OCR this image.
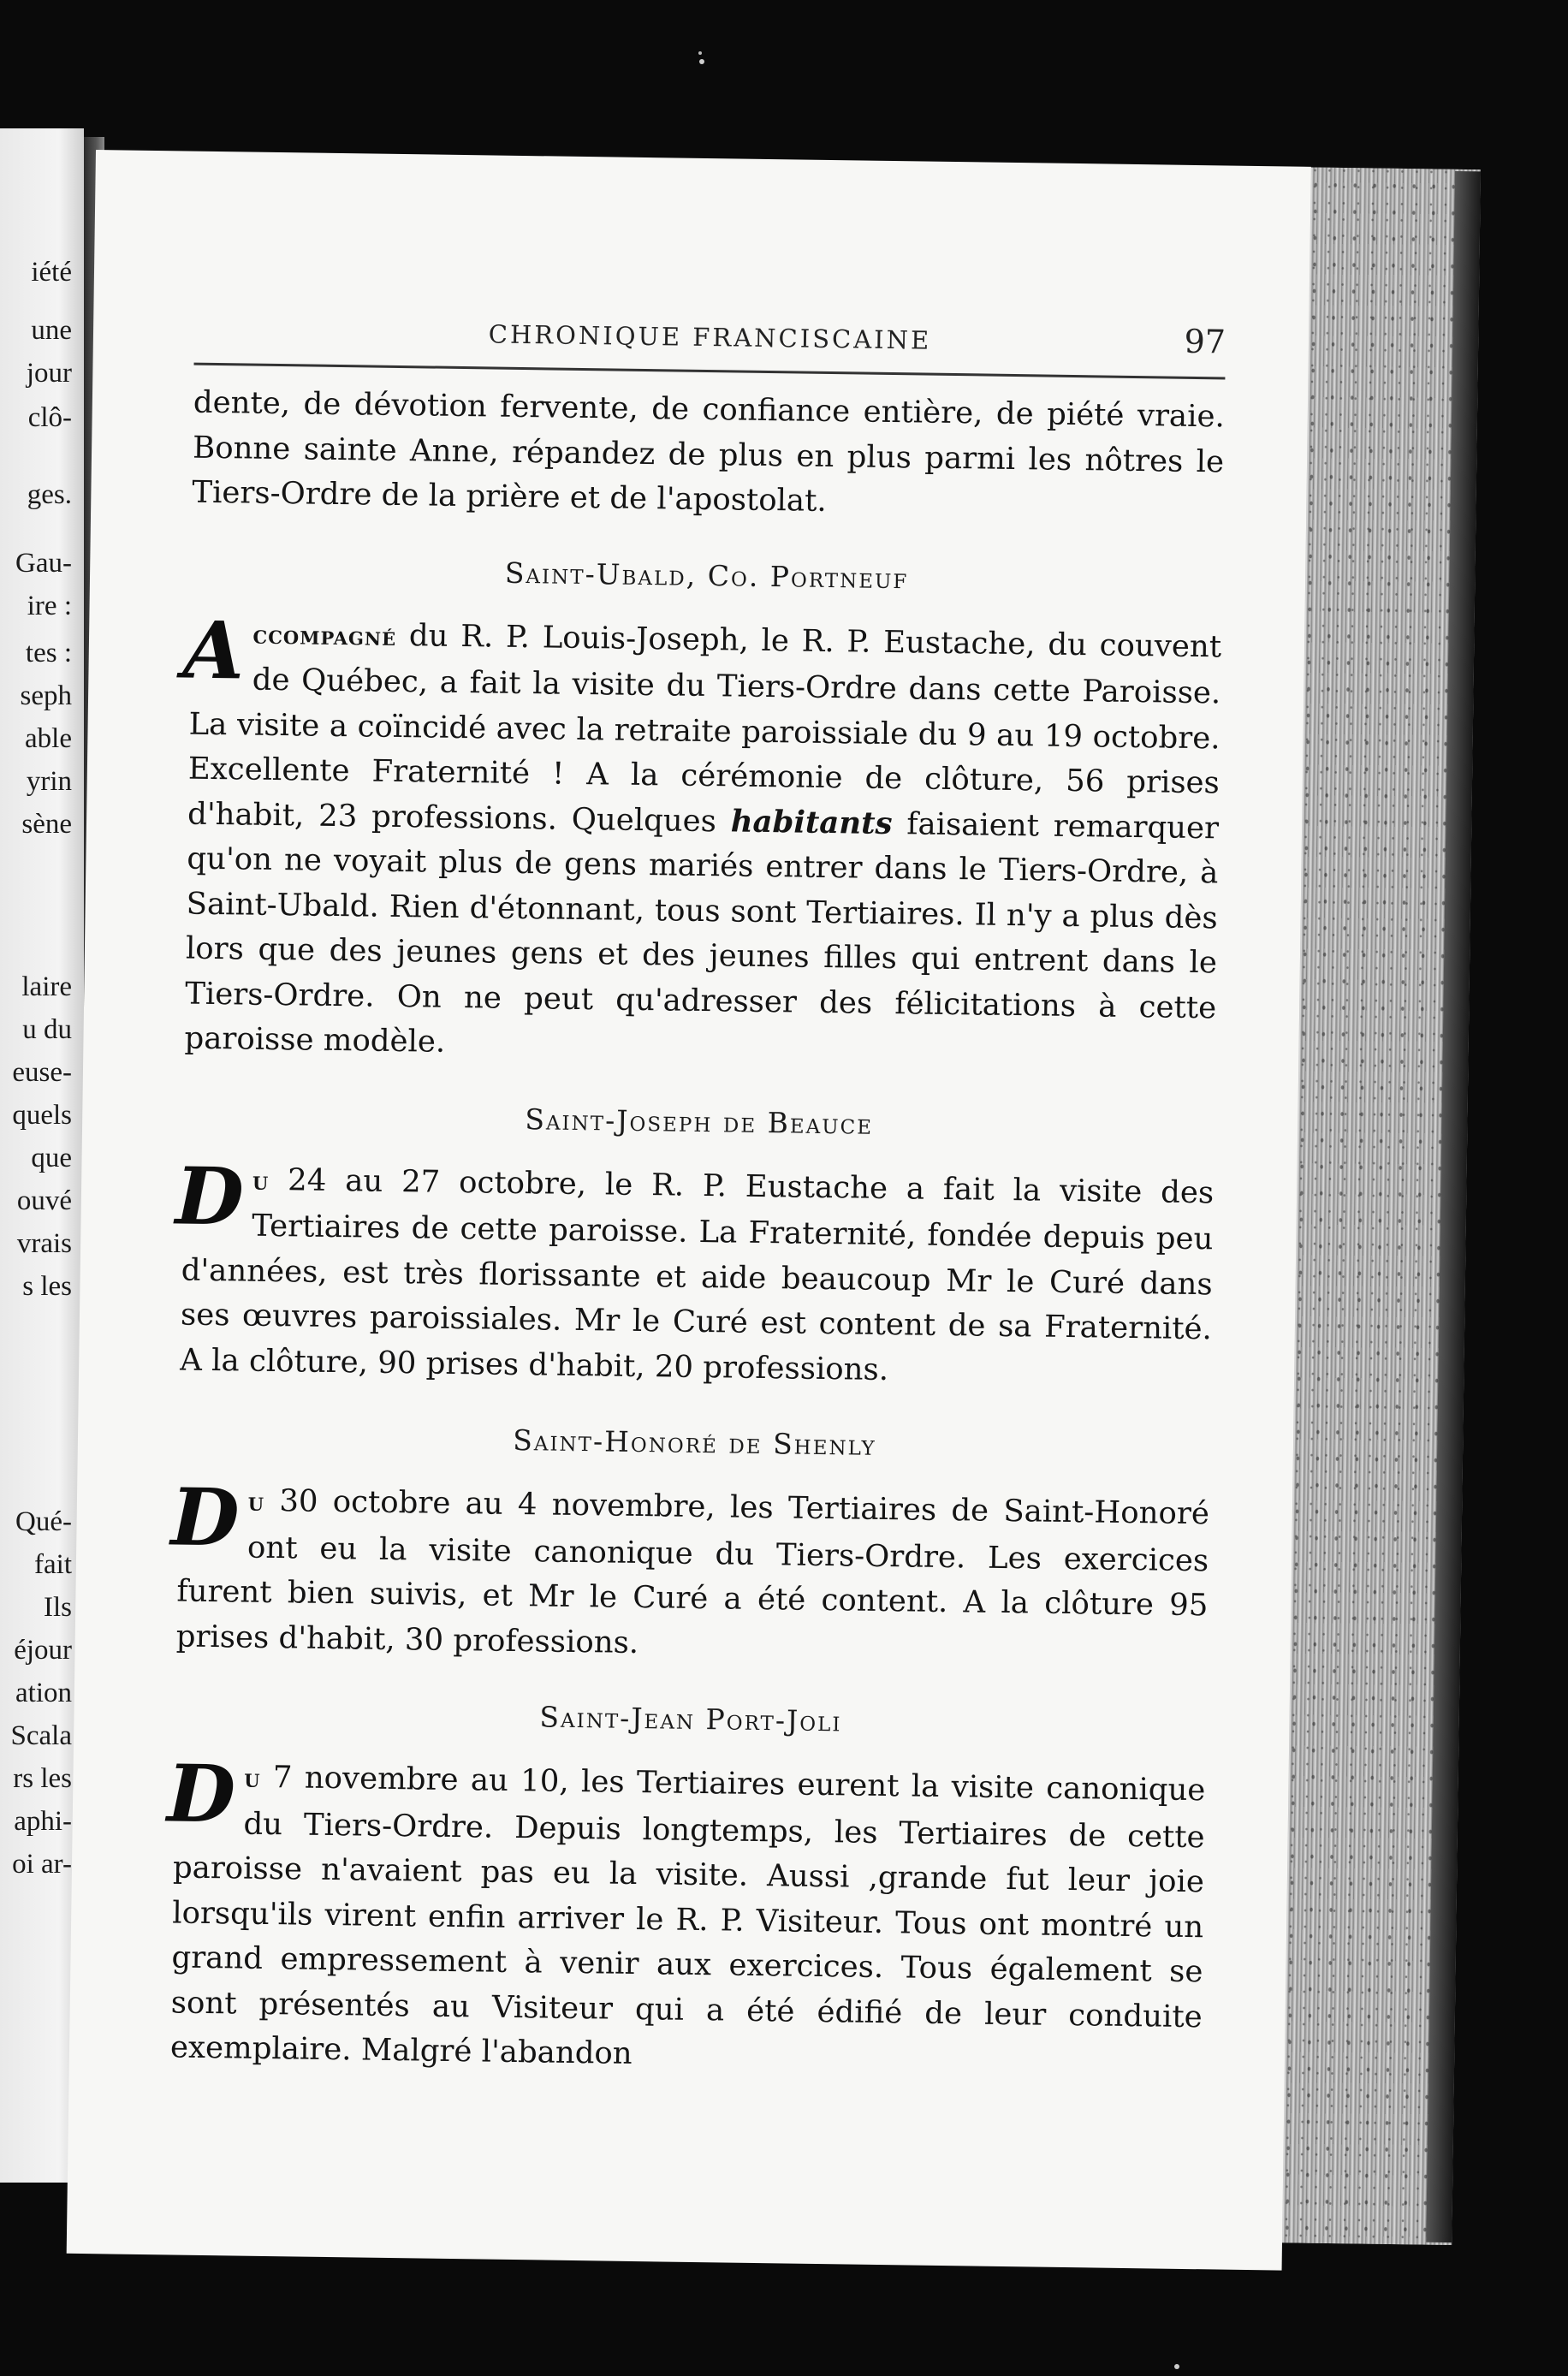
iété
une
jour
clô-
ges.
Gau-
ire :
tes :
seph
able
yrin
sène
laire
u du
euse-
quels
que
ouvé
vrais
s les
Qué-
fait
Ils
éjour
ation
Scala
rs les
aphi-
oi ar-
CHRONIQUE FRANCISCAINE	97

dente, de dévotion fervente, de confiance entière, de piété vraie. Bonne sainte Anne, répandez de plus en plus parmi les nôtres le Tiers-Ordre de la prière et de l'apostolat.

Saint-Ubald, Co. Portneuf

Accompagné du R. P. Louis-Joseph, le R. P. Eustache, du couvent de Québec, a fait la visite du Tiers-Ordre dans cette Paroisse. La visite a coïncidé avec la retraite paroissiale du 9 au 19 octobre. Excellente Fraternité ! A la cérémonie de clôture, 56 prises d'habit, 23 professions. Quelques habitants faisaient remarquer qu'on ne voyait plus de gens mariés entrer dans le Tiers-Ordre, à Saint-Ubald. Rien d'étonnant, tous sont Tertiaires. Il n'y a plus dès lors que des jeunes gens et des jeunes filles qui entrent dans le Tiers-Ordre. On ne peut qu'adresser des félicitations à cette paroisse modèle.

Saint-Joseph de Beauce

Du 24 au 27 octobre, le R. P. Eustache a fait la visite des Tertiaires de cette paroisse. La Fraternité, fondée depuis peu d'années, est très florissante et aide beaucoup Mr le Curé dans ses œuvres paroissiales. Mr le Curé est content de sa Fraternité. A la clôture, 90 prises d'habit, 20 professions.

Saint-Honoré de Shenly

Du 30 octobre au 4 novembre, les Tertiaires de Saint-Honoré ont eu la visite canonique du Tiers-Ordre. Les exercices furent bien suivis, et Mr le Curé a été content. A la clôture 95 prises d'habit, 30 professions.

Saint-Jean Port-Joli

Du 7 novembre au 10, les Tertiaires eurent la visite canonique du Tiers-Ordre. Depuis longtemps, les Tertiaires de cette paroisse n'avaient pas eu la visite. Aussi ,grande fut leur joie lorsqu'ils virent enfin arriver le R. P. Visiteur. Tous ont montré un grand empressement à venir aux exercices. Tous également se sont présentés au Visiteur qui a été édifié de leur conduite exemplaire. Malgré l'abandon
